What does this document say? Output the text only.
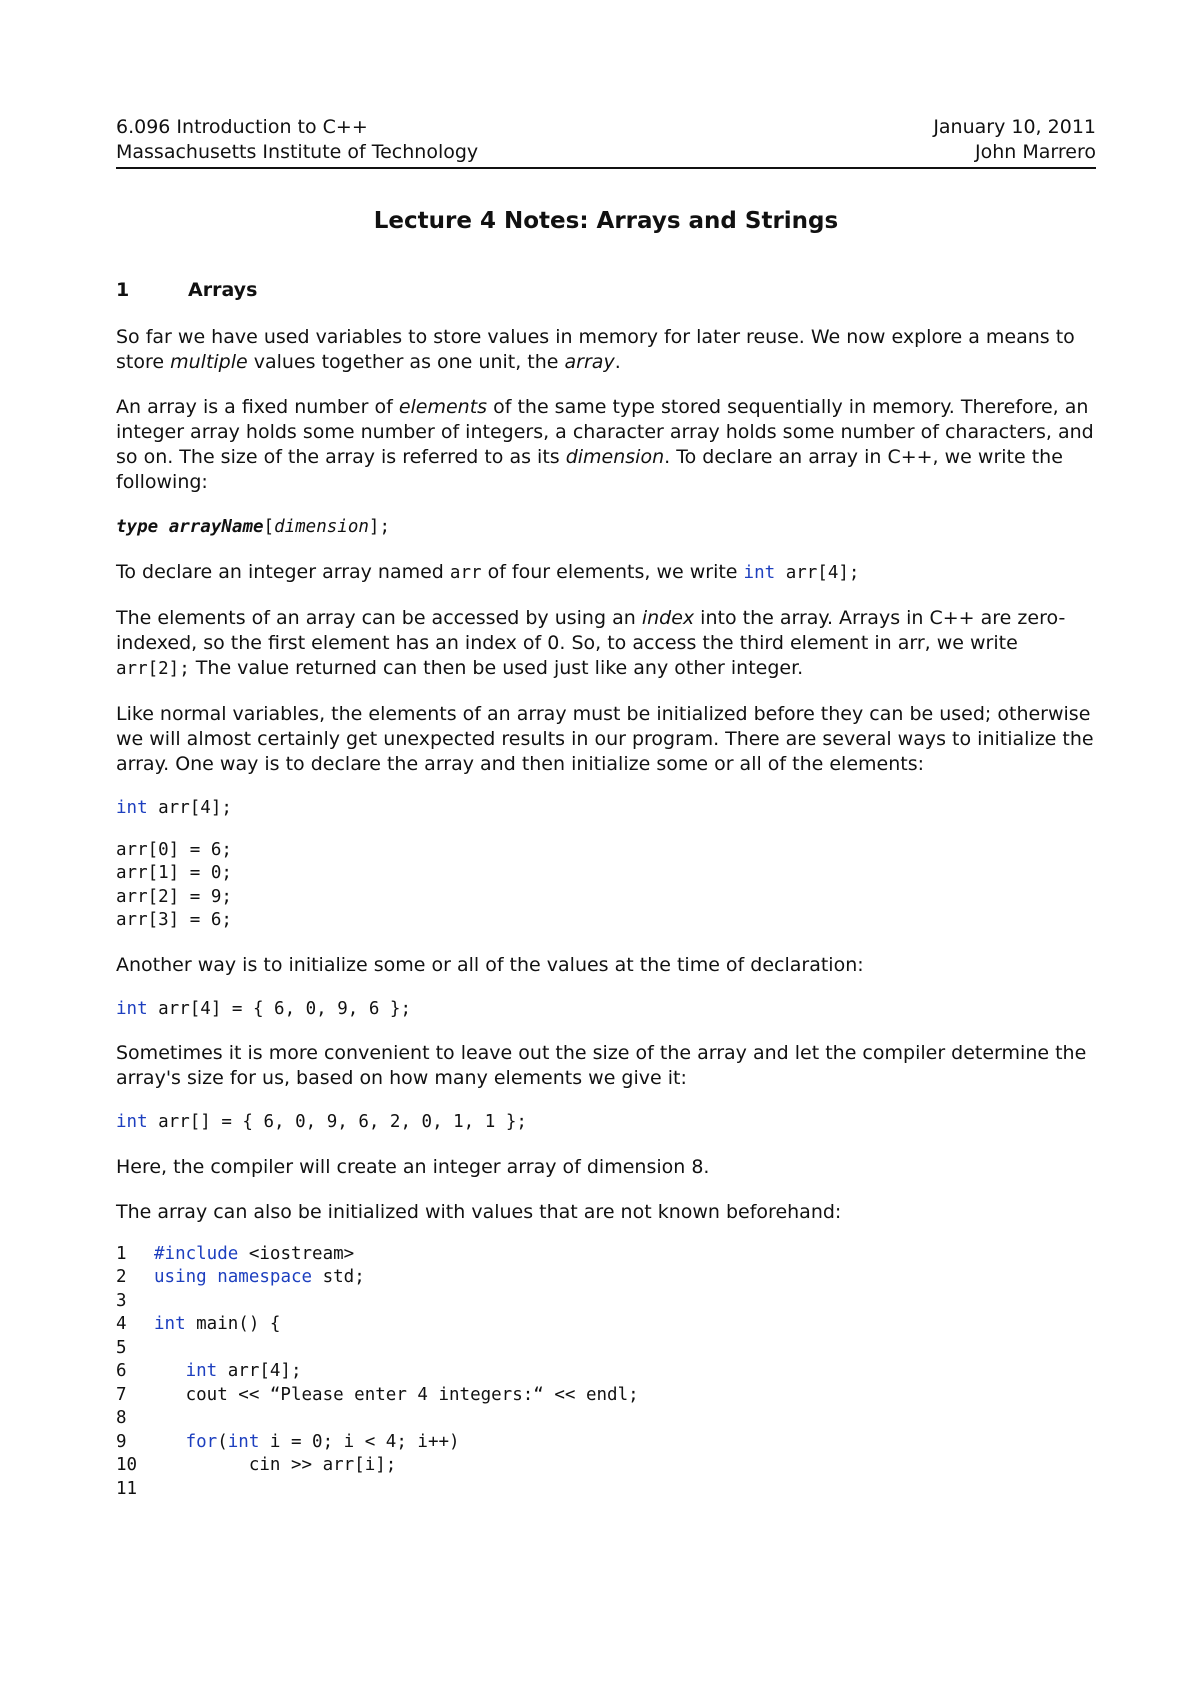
6.096 Introduction to C++
Massachusetts Institute of Technology
January 10, 2011
John Marrero
Lecture 4 Notes: Arrays and Strings
1	Arrays

So far we have used variables to store values in memory for later reuse. We now explore a means to store multiple values together as one unit, the array.

An array is a fixed number of elements of the same type stored sequentially in memory. Therefore, an integer array holds some number of integers, a character array holds some number of characters, and so on. The size of the array is referred to as its dimension. To declare an array in C++, we write the following:

type arrayName[dimension];

To declare an integer array named arr of four elements, we write int arr[4];

The elements of an array can be accessed by using an index into the array. Arrays in C++ are zero-indexed, so the first element has an index of 0. So, to access the third element in arr, we write arr[2]; The value returned can then be used just like any other integer.

Like normal variables, the elements of an array must be initialized before they can be used; otherwise we will almost certainly get unexpected results in our program. There are several ways to initialize the array. One way is to declare the array and then initialize some or all of the elements:

int arr[4];
arr[0] = 6;
arr[1] = 0;
arr[2] = 9;
arr[3] = 6;

Another way is to initialize some or all of the values at the time of declaration:

int arr[4] = { 6, 0, 9, 6 };

Sometimes it is more convenient to leave out the size of the array and let the compiler determine the array's size for us, based on how many elements we give it:

int arr[] = { 6, 0, 9, 6, 2, 0, 1, 1 };

Here, the compiler will create an integer array of dimension 8.

The array can also be initialized with values that are not known beforehand:

1 #include <iostream>
2 using namespace std;
3
4 int main() {
5
6	int arr[4];
7	cout << “Please enter 4 integers:“ << endl;
8
9	for(int i = 0; i < 4; i++)
10	cin >> arr[i];
11
